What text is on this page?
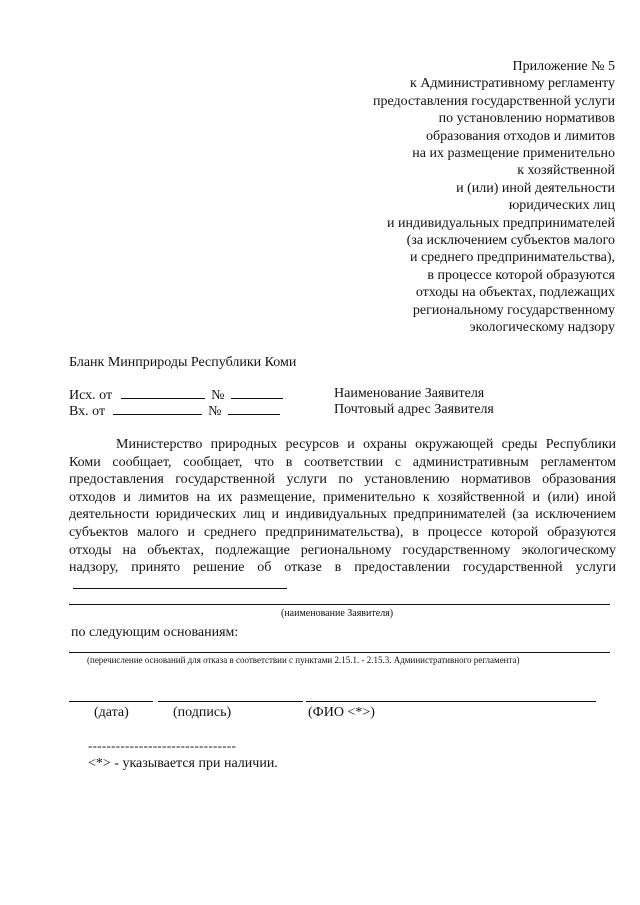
Приложение № 5
к Административному регламенту
предоставления государственной услуги
по установлению нормативов
образования отходов и лимитов
на их размещение применительно
к хозяйственной
и (или) иной деятельности
юридических лиц
и индивидуальных предпринимателей
(за исключением субъектов малого
и среднего предпринимательства),
в процессе которой образуются
отходы на объектах, подлежащих
региональному государственному
экологическому надзору
Бланк Минприроды Республики Коми
Исх. от	№
Вх. от	№
Наименование Заявителя
Почтовый адрес Заявителя
Министерство природных ресурсов и охраны окружающей среды Республики Коми сообщает, сообщает, что в соответствии с административным регламентом предоставления государственной услуги по установлению нормативов образования отходов и лимитов на их размещение, применительно к хозяйственной и (или) иной деятельности юридических лиц и индивидуальных предпринимателей (за исключением субъектов малого и среднего предпринимательства), в процессе которой образуются отходы на объектах, подлежащие региональному государственному экологическому надзору, принято решение об отказе в предоставлении государственной услуги
(наименование Заявителя)
по следующим основаниям:
(перечисление оснований для отказа в соответствии с пунктами 2.15.1. - 2.15.3. Административного регламента)
(дата)	(подпись)	(ФИО <*>)
--------------------------------
<*> - указывается при наличии.
